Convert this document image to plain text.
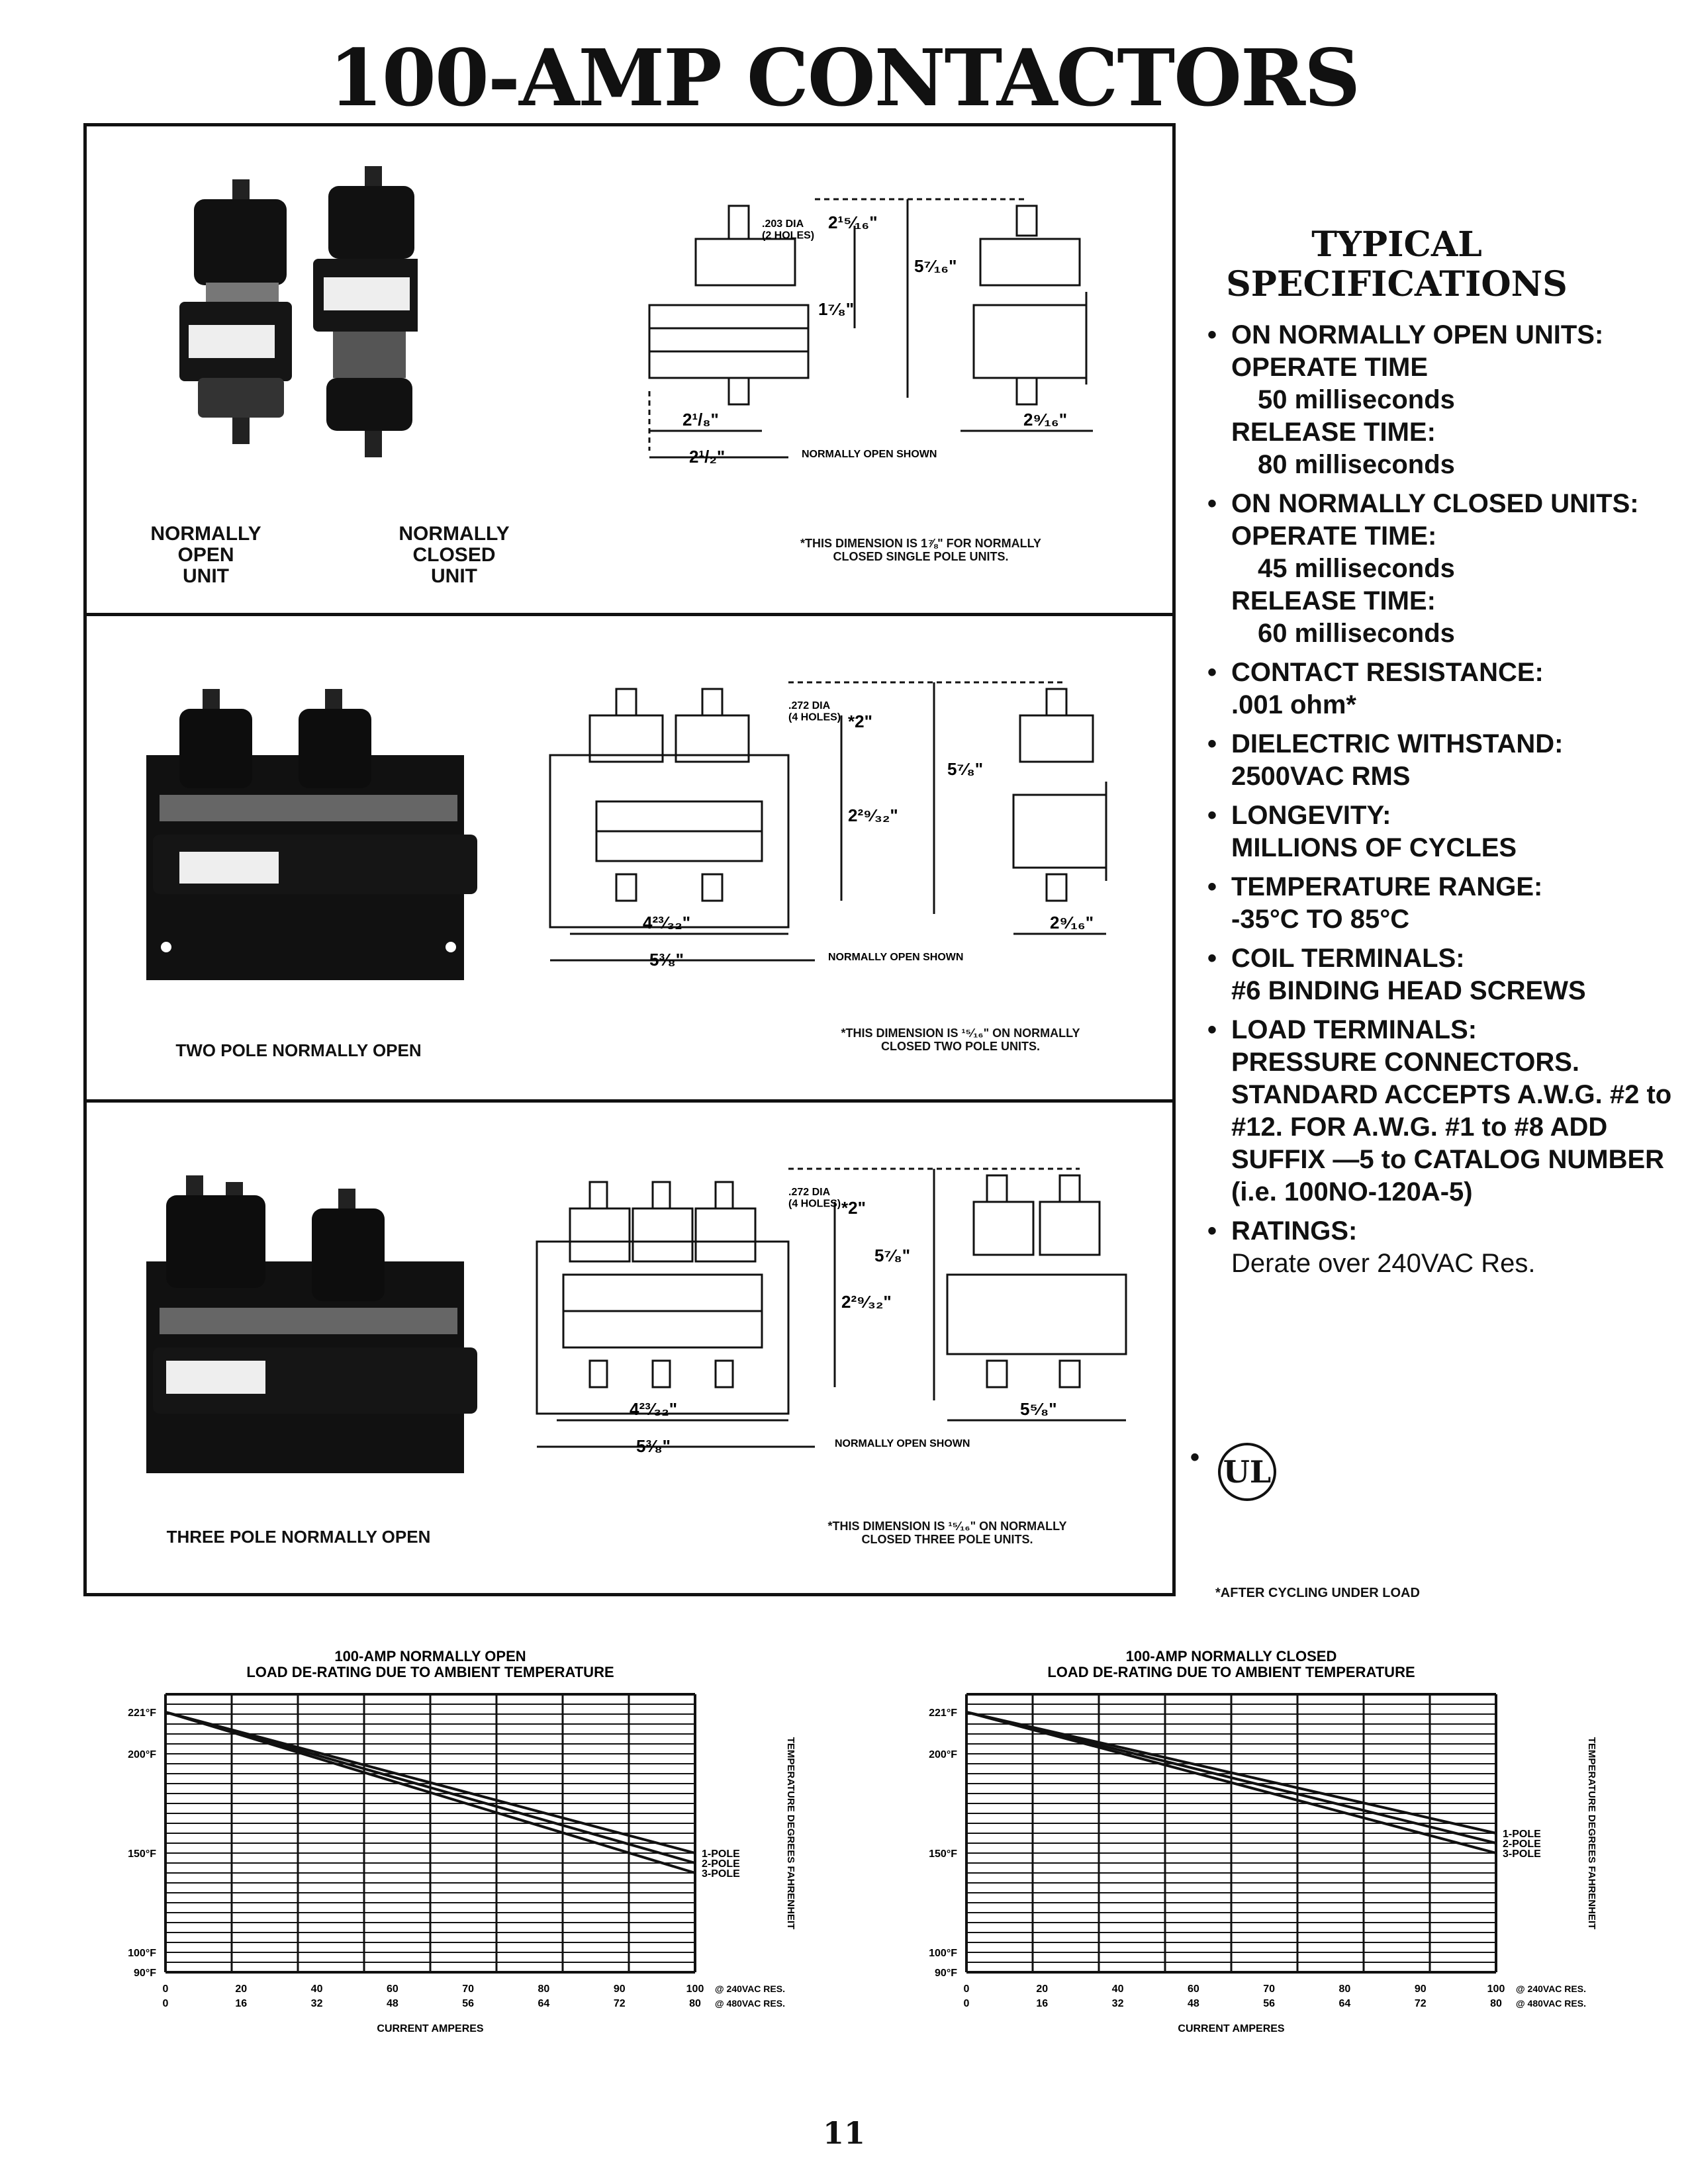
100-AMP CONTACTORS
NORMALLY
OPEN
UNIT
NORMALLY
CLOSED
UNIT
.203 DIA (2 HOLES)
2¹⁵⁄₁₆"
5⁷⁄₁₆"
1⁷⁄₈"
2¹/₈"
2¹/₂"
2⁹⁄₁₆"
NORMALLY OPEN SHOWN
*THIS DIMENSION IS 1⅞" FOR NORMALLY
CLOSED SINGLE POLE UNITS.
TWO POLE NORMALLY OPEN
.272 DIA (4 HOLES) *2"
5⁷⁄₈"
2²⁹⁄₃₂"
4²³⁄₃₂"
5³⁄₈"
2⁹⁄₁₆"
NORMALLY OPEN SHOWN
*THIS DIMENSION IS ¹⁵⁄₁₆" ON NORMALLY
CLOSED TWO POLE UNITS.
THREE POLE NORMALLY OPEN
.272 DIA (4 HOLES) *2"
5⁷⁄₈"
2²⁹⁄₃₂"
4²³⁄₃₂"
5³⁄₈"
5⁵⁄₈"
NORMALLY OPEN SHOWN
*THIS DIMENSION IS ¹⁵⁄₁₆" ON NORMALLY
CLOSED THREE POLE UNITS.
TYPICAL
SPECIFICATIONS
• ON NORMALLY OPEN UNITS:
OPERATE TIME
50 milliseconds
RELEASE TIME:
80 milliseconds
• ON NORMALLY CLOSED UNITS:
OPERATE TIME:
45 milliseconds
RELEASE TIME:
60 milliseconds
• CONTACT RESISTANCE:
.001 ohm*
• DIELECTRIC WITHSTAND:
2500VAC RMS
• LONGEVITY:
MILLIONS OF CYCLES
• TEMPERATURE RANGE:
-35°C TO 85°C
• COIL TERMINALS:
#6 BINDING HEAD SCREWS
• LOAD TERMINALS:
PRESSURE CONNECTORS. STANDARD ACCEPTS A.W.G. #2 to #12. FOR A.W.G. #1 to #8 ADD SUFFIX —5 to CATALOG NUMBER (i.e. 100NO-120A-5)
• RATINGS:
Derate over 240VAC Res.
• UL
*AFTER CYCLING UNDER LOAD
100-AMP NORMALLY OPEN
LOAD DE-RATING DUE TO AMBIENT TEMPERATURE
90°F
100°F
150°F
200°F
221°F
0	20	40	60	70	80	90	100
0	16	32	48	56	64	72	80
@ 240VAC RES.
@ 480VAC RES.
CURRENT AMPERES
TEMPERATURE DEGREES FAHRENHEIT
1-POLE
2-POLE
3-POLE
100-AMP NORMALLY CLOSED
LOAD DE-RATING DUE TO AMBIENT TEMPERATURE
90°F
100°F
150°F
200°F
221°F
0	20	40	60	70	80	90	100
0	16	32	48	56	64	72	80
@ 240VAC RES.
@ 480VAC RES.
CURRENT AMPERES
TEMPERATURE DEGREES FAHRENHEIT
1-POLE
2-POLE
3-POLE
11
